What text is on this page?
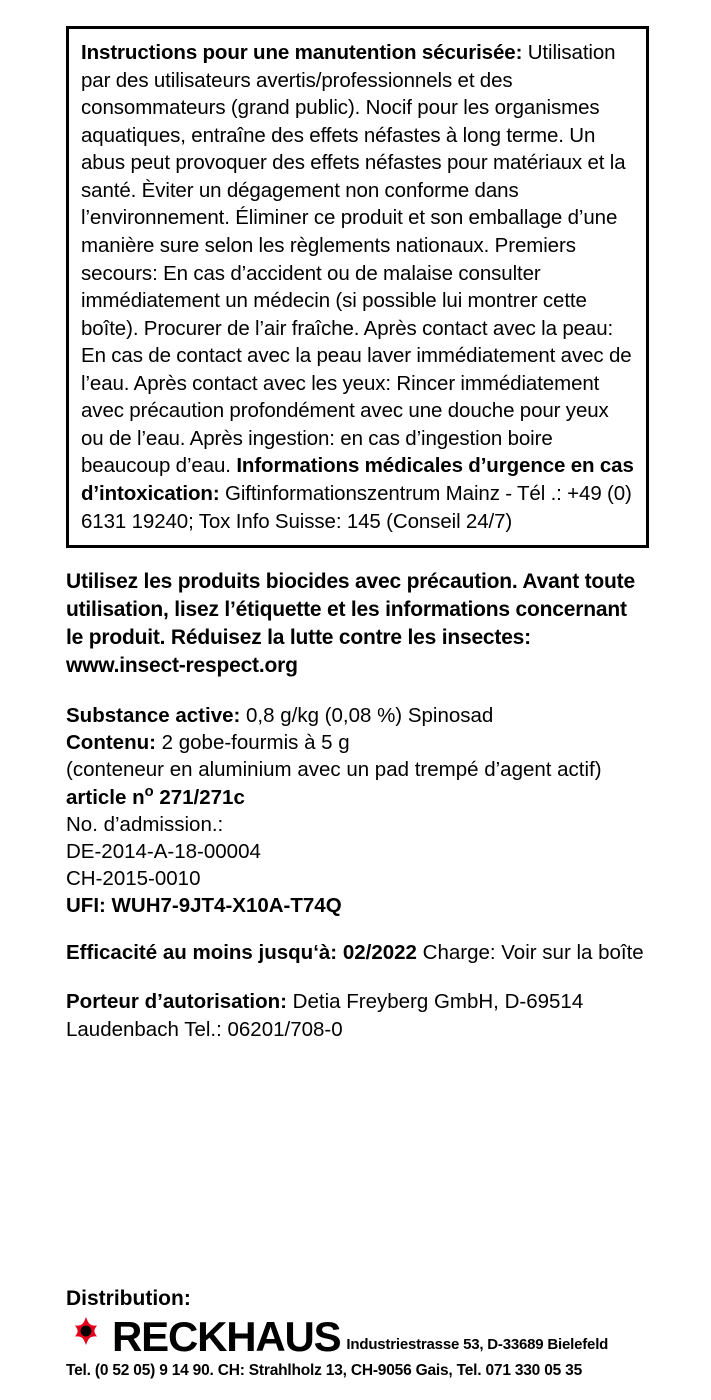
Instructions pour une manutention sécurisée: Utilisation par des utilisateurs avertis/professionnels et des consommateurs (grand public). Nocif pour les organismes aquatiques, entraîne des effets néfastes à long terme. Un abus peut provoquer des effets néfastes pour matériaux et la santé. Èviter un dégagement non conforme dans l’environnement. Éliminer ce produit et son emballage d’une manière sure selon les règlements nationaux. Premiers secours: En cas d’accident ou de malaise consulter immédiatement un médecin (si possible lui montrer cette boîte). Procurer de l’air fraîche. Après contact avec la peau: En cas de contact avec la peau laver immédiatement avec de l’eau. Après contact avec les yeux: Rincer immédiatement avec précaution profondément avec une douche pour yeux ou de l’eau. Après ingestion: en cas d’ingestion boire beaucoup d’eau. Informations médicales d’urgence en cas d’intoxication: Giftinformationszentrum Mainz - Tél .: +49 (0) 6131 19240; Tox Info Suisse: 145 (Conseil 24/7)
Utilisez les produits biocides avec précaution. Avant toute utilisation, lisez l’étiquette et les informations concernant le produit. Réduisez la lutte contre les insectes: www.insect-respect.org
Substance active: 0,8 g/kg (0,08 %) Spinosad
Contenu: 2 gobe-fourmis à 5 g
(conteneur en aluminium avec un pad trempé d’agent actif)
article $n^o$ 271/271c
No. d’admission.:
DE-2014-A-18-00004
CH-2015-0010
UFI: WUH7-9JT4-X10A-T74Q
Efficacité au moins jusqu‘à: 02/2022 Charge: Voir sur la boîte
Porteur d’autorisation: Detia Freyberg GmbH, D-69514 Laudenbach Tel.: 06201/708-0
Distribution:
RECKHAUS Industriestrasse 53, D-33689 Bielefeld
Tel. (0 52 05) 9 14 90. CH: Strahlholz 13, CH-9056 Gais, Tel. 071 330 05 35
